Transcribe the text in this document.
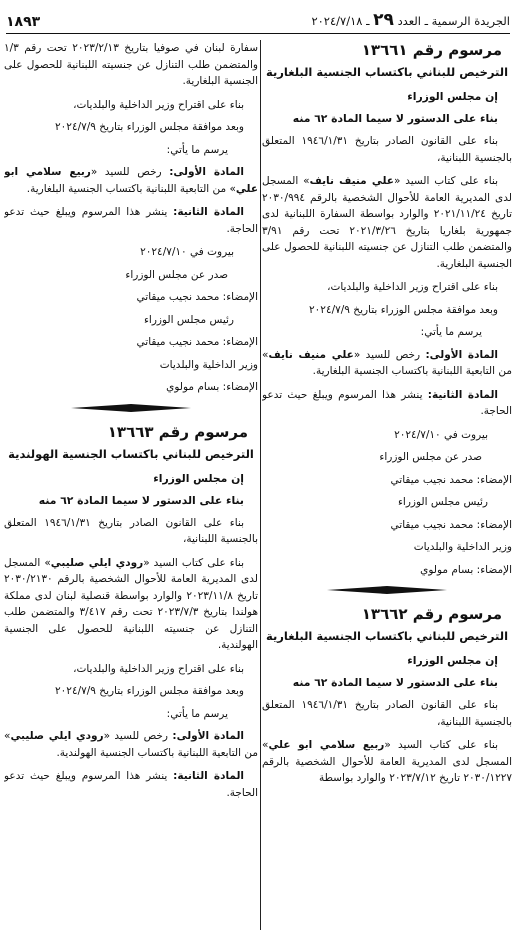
الجريدة الرسمية ـ العدد ٢٩ ـ ٢٠٢٤/٧/١٨
١٨٩٣

مرسوم رقم ١٣٦٦١

الترخيص للبناني باكتساب الجنسية البلغارية

إن مجلس الوزراء

بناء على الدستور لا سيما المادة ٦٢ منه

بناء على القانون الصادر بتاريخ ١٩٤٦/١/٣١ المتعلق بالجنسية اللبنانية،

بناء على كتاب السيد «علي منيف نايف» المسجل لدى المديرية العامة للأحوال الشخصية بالرقم ٢٠٣٠/٩٩٤ تاريخ ٢٠٢١/١١/٢٤ والوارد بواسطة السفارة اللبنانية لدى جمهورية بلغاريا بتاريخ ٢٠٢١/٣/٢٦ تحت رقم ٣/٩١ والمتضمن طلب التنازل عن جنسيته اللبنانية للحصول على الجنسية البلغارية.

بناء على اقتراح وزير الداخلية والبلديات،

وبعد موافقة مجلس الوزراء بتاريخ ٢٠٢٤/٧/٩

يرسم ما يأتي:

المادة الأولى: رخص للسيد «علي منيف نايف» من التابعية اللبنانية باكتساب الجنسية البلغارية.

المادة الثانية: ينشر هذا المرسوم ويبلغ حيث تدعو الحاجة.

بيروت في ٢٠٢٤/٧/١٠

صدر عن مجلس الوزراء

الإمضاء: محمد نجيب ميقاتي

رئيس مجلس الوزراء

الإمضاء: محمد نجيب ميقاتي

وزير الداخلية والبلديات

الإمضاء: بسام مولوي

مرسوم رقم ١٣٦٦٢

الترخيص للبناني باكتساب الجنسية البلغارية

إن مجلس الوزراء

بناء على الدستور لا سيما المادة ٦٢ منه

بناء على القانون الصادر بتاريخ ١٩٤٦/١/٣١ المتعلق بالجنسية اللبنانية،

بناء على كتاب السيد «ربيع سلامي ابو علي» المسجل لدى المديرية العامة للأحوال الشخصية بالرقم ٢٠٣٠/١٢٢٧ تاريخ ٢٠٢٣/٧/١٢ والوارد بواسطة

سفارة لبنان في صوفيا بتاريخ ٢٠٢٣/٢/١٣ تحت رقم ١/٣ والمتضمن طلب التنازل عن جنسيته اللبنانية للحصول على الجنسية البلغارية.

بناء على اقتراح وزير الداخلية والبلديات،

وبعد موافقة مجلس الوزراء بتاريخ ٢٠٢٤/٧/٩

يرسم ما يأتي:

المادة الأولى: رخص للسيد «ربيع سلامي ابو علي» من التابعية اللبنانية باكتساب الجنسية البلغارية.

المادة الثانية: ينشر هذا المرسوم ويبلغ حيث تدعو الحاجة.

بيروت في ٢٠٢٤/٧/١٠

صدر عن مجلس الوزراء

الإمضاء: محمد نجيب ميقاتي

رئيس مجلس الوزراء

الإمضاء: محمد نجيب ميقاتي

وزير الداخلية والبلديات

الإمضاء: بسام مولوي

مرسوم رقم ١٣٦٦٣

الترخيص للبناني باكتساب الجنسية الهولندية

إن مجلس الوزراء

بناء على الدستور لا سيما المادة ٦٢ منه

بناء على القانون الصادر بتاريخ ١٩٤٦/١/٣١ المتعلق بالجنسية اللبنانية،

بناء على كتاب السيد «رودي ايلي صليبي» المسجل لدى المديرية العامة للأحوال الشخصية بالرقم ٢٠٣٠/٢١٣٠ تاريخ ٢٠٢٣/١١/٨ والوارد بواسطة قنصلية لبنان لدى مملكة هولندا بتاريخ ٢٠٢٣/٧/٣ تحت رقم ٣/٤١٧ والمتضمن طلب التنازل عن جنسيته اللبنانية للحصول على الجنسية الهولندية.

بناء على اقتراح وزير الداخلية والبلديات،

وبعد موافقة مجلس الوزراء بتاريخ ٢٠٢٤/٧/٩

يرسم ما يأتي:

المادة الأولى: رخص للسيد «رودي ايلي صليبي» من التابعية اللبنانية باكتساب الجنسية الهولندية.

المادة الثانية: ينشر هذا المرسوم ويبلغ حيث تدعو الحاجة.
